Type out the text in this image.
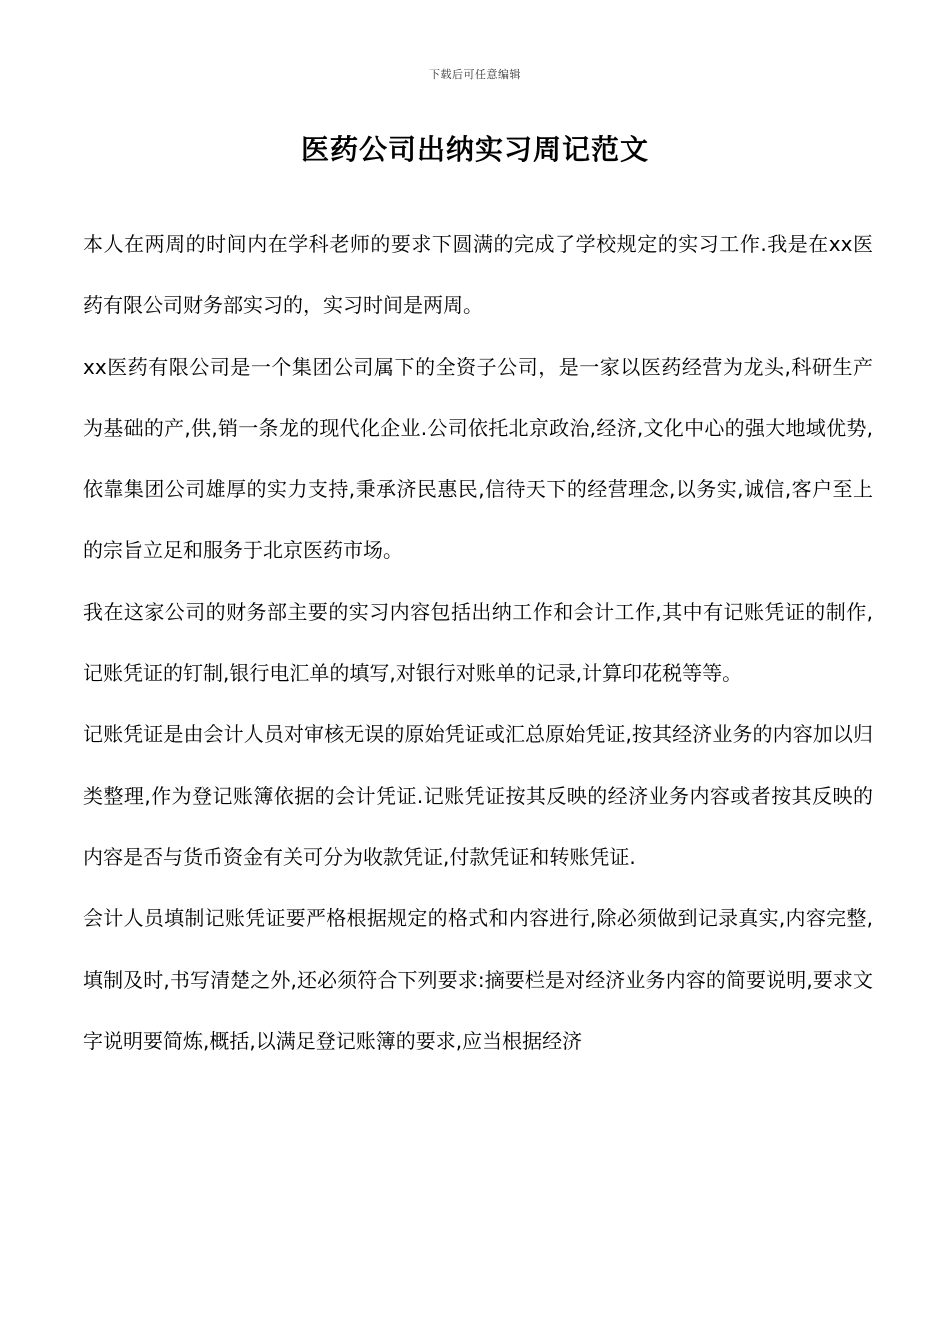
下载后可任意编辑
医药公司出纳实习周记范文

本人在两周的时间内在学科老师的要求下圆满的完成了学校规定的实习工作.我是在xx医药有限公司财务部实习的，实习时间是两周。

xx医药有限公司是一个集团公司属下的全资子公司，是一家以医药经营为龙头,科研生产为基础的产,供,销一条龙的现代化企业.公司依托北京政治,经济,文化中心的强大地域优势,依靠集团公司雄厚的实力支持,秉承济民惠民,信待天下的经营理念,以务实,诚信,客户至上的宗旨立足和服务于北京医药市场。

我在这家公司的财务部主要的实习内容包括出纳工作和会计工作,其中有记账凭证的制作,记账凭证的钉制,银行电汇单的填写,对银行对账单的记录,计算印花税等等。

记账凭证是由会计人员对审核无误的原始凭证或汇总原始凭证,按其经济业务的内容加以归类整理,作为登记账簿依据的会计凭证.记账凭证按其反映的经济业务内容或者按其反映的内容是否与货币资金有关可分为收款凭证,付款凭证和转账凭证.

会计人员填制记账凭证要严格根据规定的格式和内容进行,除必须做到记录真实,内容完整,填制及时,书写清楚之外,还必须符合下列要求:摘要栏是对经济业务内容的简要说明,要求文字说明要简炼,概括,以满足登记账簿的要求,应当根据经济
